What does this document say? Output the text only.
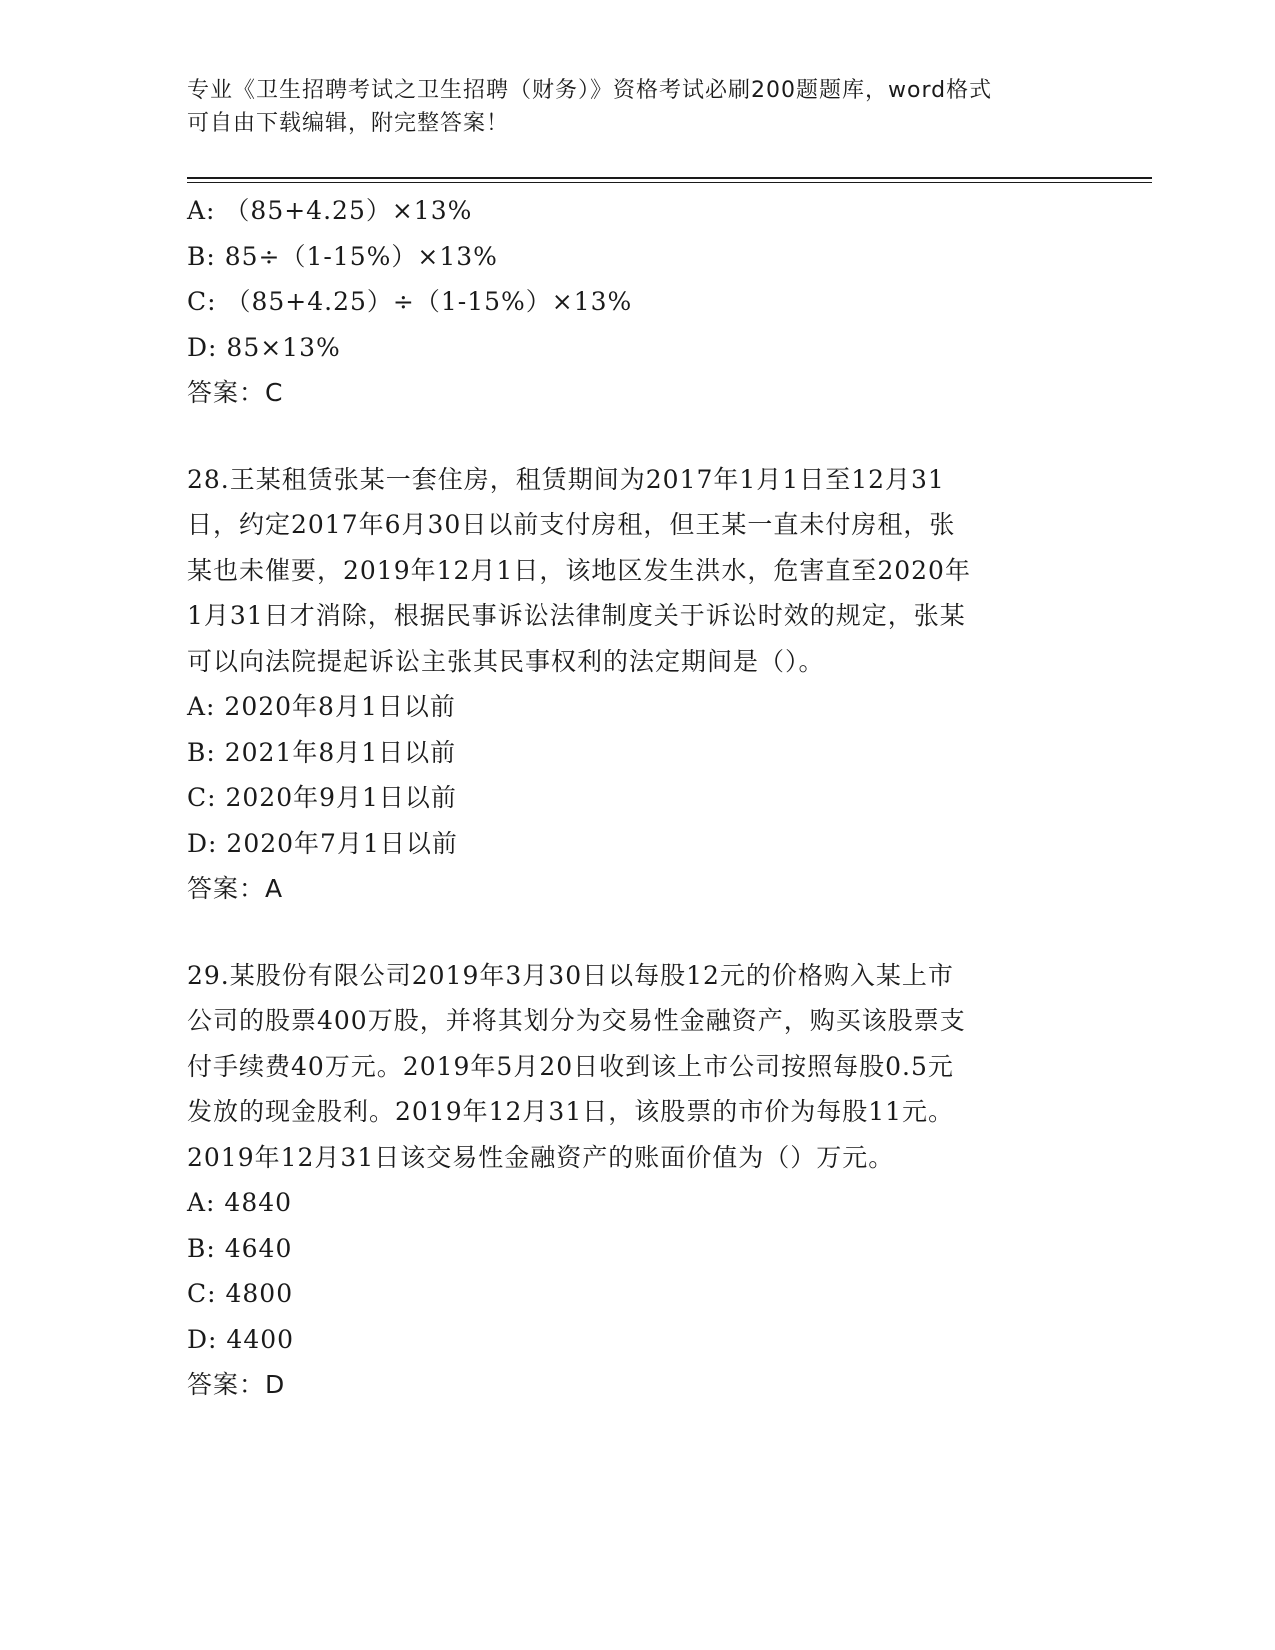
专业《卫生招聘考试之卫生招聘（财务）》资格考试必刷200题题库，word格式
可自由下载编辑，附完整答案！
A: （85+4.25）×13%
B: 85÷（1-15%）×13%
C: （85+4.25）÷（1-15%）×13%
D: 85×13%
答案：C
28.王某租赁张某一套住房，租赁期间为2017年1月1日至12月31
日，约定2017年6月30日以前支付房租，但王某一直未付房租，张
某也未催要，2019年12月1日，该地区发生洪水，危害直至2020年
1月31日才消除，根据民事诉讼法律制度关于诉讼时效的规定，张某
可以向法院提起诉讼主张其民事权利的法定期间是（）。
A: 2020年8月1日以前
B: 2021年8月1日以前
C: 2020年9月1日以前
D: 2020年7月1日以前
答案：A
29.某股份有限公司2019年3月30日以每股12元的价格购入某上市
公司的股票400万股，并将其划分为交易性金融资产，购买该股票支
付手续费40万元。2019年5月20日收到该上市公司按照每股0.5元
发放的现金股利。2019年12月31日，该股票的市价为每股11元。
2019年12月31日该交易性金融资产的账面价值为（）万元。
A: 4840
B: 4640
C: 4800
D: 4400
答案：D
